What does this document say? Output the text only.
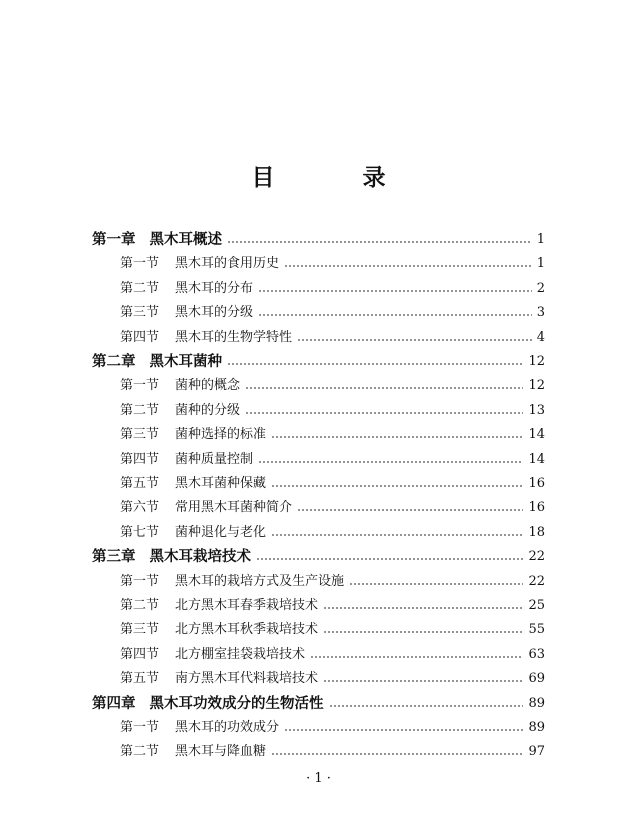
目 录
第一章 黑木耳概述	1
第一节 黑木耳的食用历史	1
第二节 黑木耳的分布	2
第三节 黑木耳的分级	3
第四节 黑木耳的生物学特性	4
第二章 黑木耳菌种	12
第一节 菌种的概念	12
第二节 菌种的分级	13
第三节 菌种选择的标准	14
第四节 菌种质量控制	14
第五节 黑木耳菌种保藏	16
第六节 常用黑木耳菌种简介	16
第七节 菌种退化与老化	18
第三章 黑木耳栽培技术	22
第一节 黑木耳的栽培方式及生产设施	22
第二节 北方黑木耳春季栽培技术	25
第三节 北方黑木耳秋季栽培技术	55
第四节 北方棚室挂袋栽培技术	63
第五节 南方黑木耳代料栽培技术	69
第四章 黑木耳功效成分的生物活性	89
第一节 黑木耳的功效成分	89
第二节 黑木耳与降血糖	97
· 1 ·
